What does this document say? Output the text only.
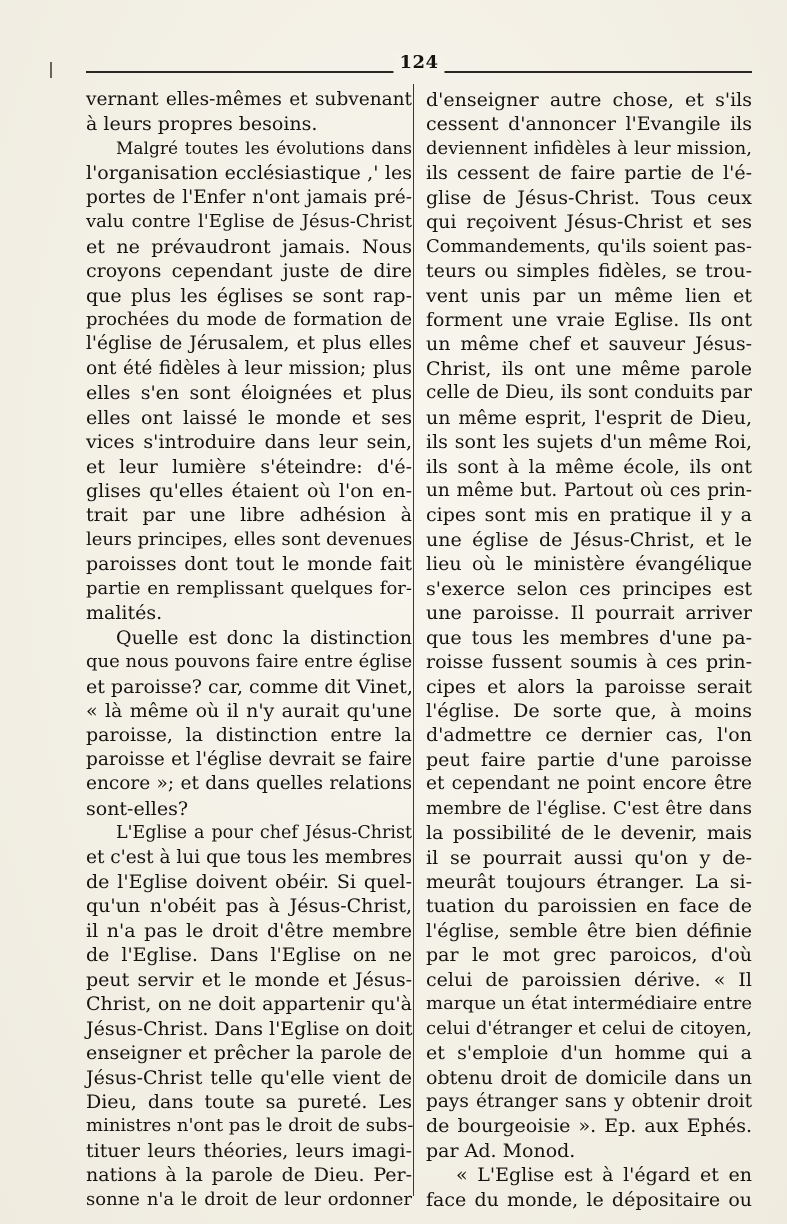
124
vernant elles-mêmes et subvenant
à leurs propres besoins.
Malgré toutes les évolutions dans
l'organisation ecclésiastique ,' les
portes de l'Enfer n'ont jamais pré-
valu contre l'Eglise de Jésus-Christ
et ne prévaudront jamais. Nous
croyons cependant juste de dire
que plus les églises se sont rap-
prochées du mode de formation de
l'église de Jérusalem, et plus elles
ont été fidèles à leur mission; plus
elles s'en sont éloignées et plus
elles ont laissé le monde et ses
vices s'introduire dans leur sein,
et leur lumière s'éteindre: d'é-
glises qu'elles étaient où l'on en-
trait par une libre adhésion à
leurs principes, elles sont devenues
paroisses dont tout le monde fait
partie en remplissant quelques for-
malités.
Quelle est donc la distinction
que nous pouvons faire entre église
et paroisse? car, comme dit Vinet,
« là même où il n'y aurait qu'une
paroisse, la distinction entre la
paroisse et l'église devrait se faire
encore »; et dans quelles relations
sont-elles?
L'Eglise a pour chef Jésus-Christ
et c'est à lui que tous les membres
de l'Eglise doivent obéir. Si quel-
qu'un n'obéit pas à Jésus-Christ,
il n'a pas le droit d'être membre
de l'Eglise. Dans l'Eglise on ne
peut servir et le monde et Jésus-
Christ, on ne doit appartenir qu'à
Jésus-Christ. Dans l'Eglise on doit
enseigner et prêcher la parole de
Jésus-Christ telle qu'elle vient de
Dieu, dans toute sa pureté. Les
ministres n'ont pas le droit de subs-
tituer leurs théories, leurs imagi-
nations à la parole de Dieu. Per-
sonne n'a le droit de leur ordonner
d'enseigner autre chose, et s'ils
cessent d'annoncer l'Evangile ils
deviennent infidèles à leur mission,
ils cessent de faire partie de l'é-
glise de Jésus-Christ. Tous ceux
qui reçoivent Jésus-Christ et ses
Commandements, qu'ils soient pas-
teurs ou simples fidèles, se trou-
vent unis par un même lien et
forment une vraie Eglise. Ils ont
un même chef et sauveur Jésus-
Christ, ils ont une même parole
celle de Dieu, ils sont conduits par
un même esprit, l'esprit de Dieu,
ils sont les sujets d'un même Roi,
ils sont à la même école, ils ont
un même but. Partout où ces prin-
cipes sont mis en pratique il y a
une église de Jésus-Christ, et le
lieu où le ministère évangélique
s'exerce selon ces principes est
une paroisse. Il pourrait arriver
que tous les membres d'une pa-
roisse fussent soumis à ces prin-
cipes et alors la paroisse serait
l'église. De sorte que, à moins
d'admettre ce dernier cas, l'on
peut faire partie d'une paroisse
et cependant ne point encore être
membre de l'église. C'est être dans
la possibilité de le devenir, mais
il se pourrait aussi qu'on y de-
meurât toujours étranger. La si-
tuation du paroissien en face de
l'église, semble être bien définie
par le mot grec paroicos, d'où
celui de paroissien dérive. « Il
marque un état intermédiaire entre
celui d'étranger et celui de citoyen,
et s'emploie d'un homme qui a
obtenu droit de domicile dans un
pays étranger sans y obtenir droit
de bourgeoisie ». Ep. aux Ephés.
par Ad. Monod.
« L'Eglise est à l'égard et en
face du monde, le dépositaire ou
